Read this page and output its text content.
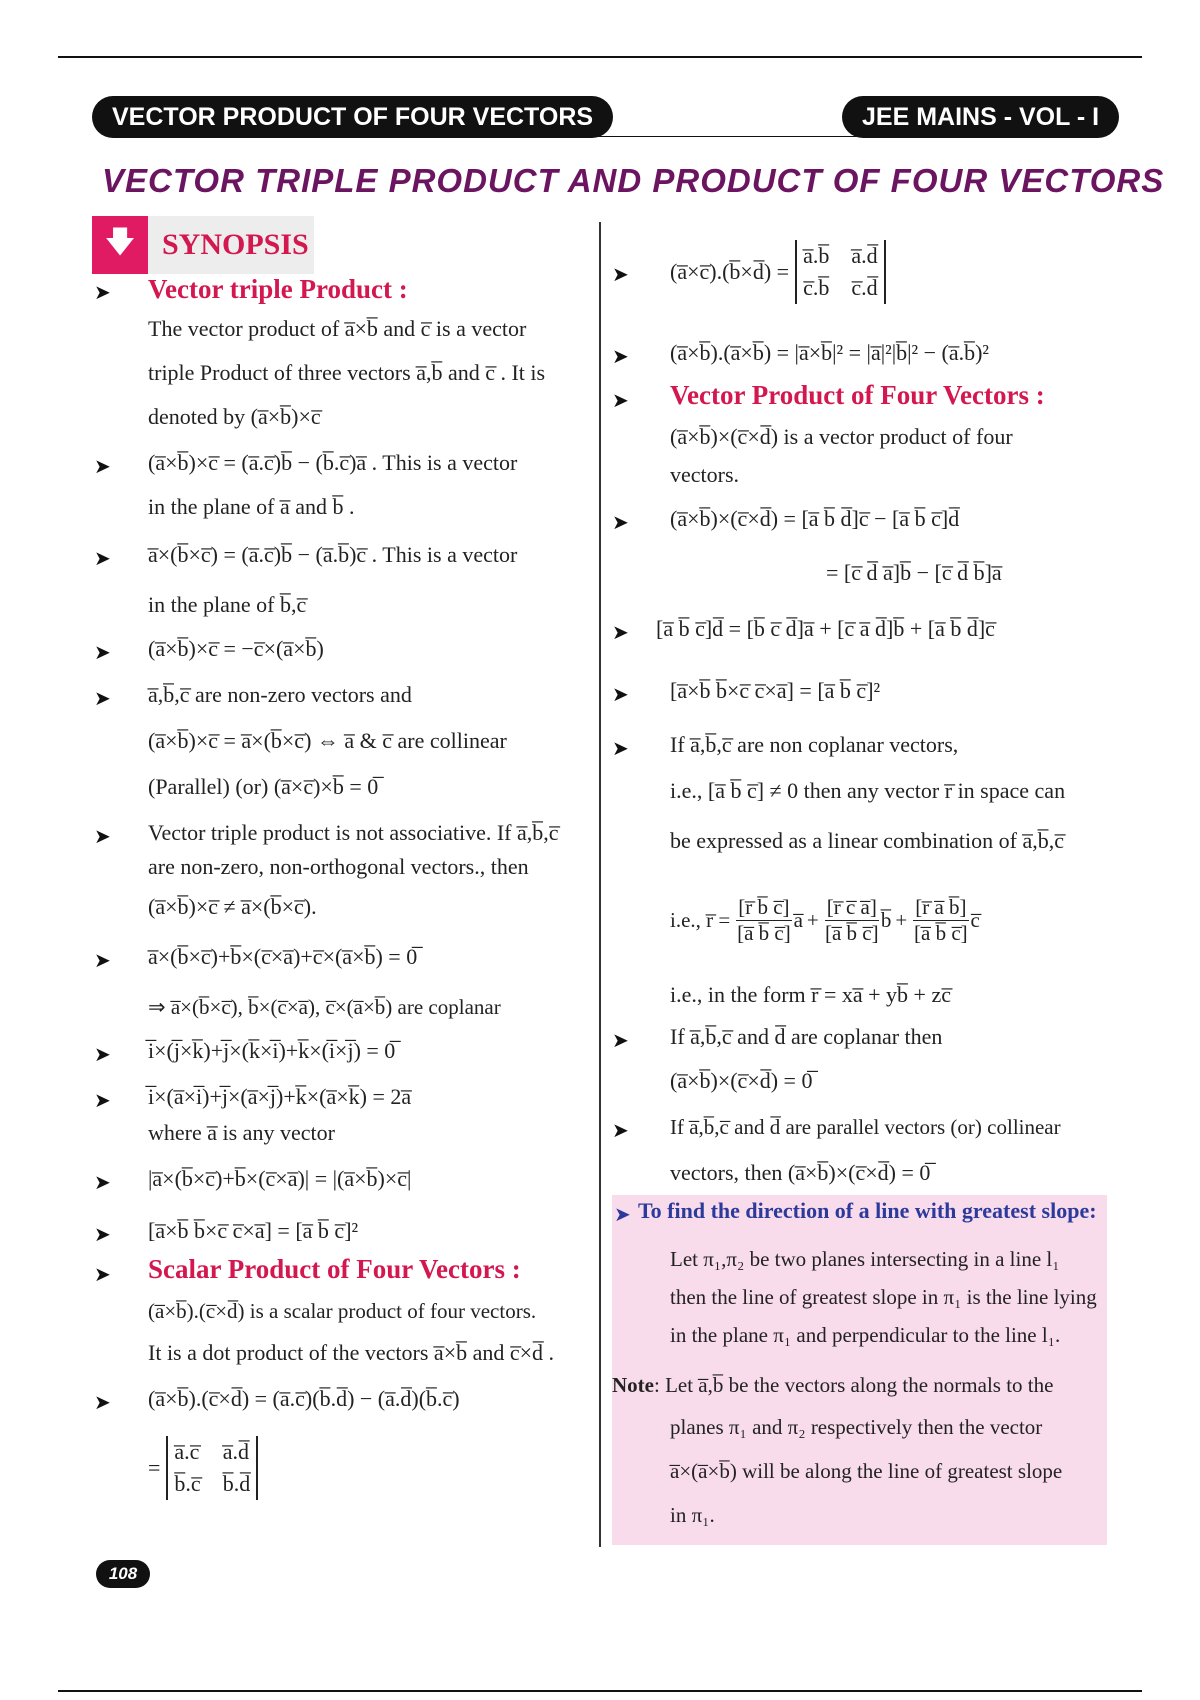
VECTOR PRODUCT OF FOUR VECTORS	JEE MAINS - VOL - I
VECTOR TRIPLE PRODUCT AND PRODUCT OF FOUR VECTORS
🡇 SYNOPSIS
➤ Vector triple Product :
The vector product of a̅×b̅ and c̅ is a vector
triple Product of three vectors a̅,b̅ and c̅ . It is
denoted by (a̅×b̅)×c̅
➤ (a̅×b̅)×c̅ = (a̅.c̅)b̅ − (b̅.c̅)a̅ . This is a vector
in the plane of a̅ and b̅ .
➤ a̅×(b̅×c̅) = (a̅.c̅)b̅ − (a̅.b̅)c̅ . This is a vector
in the plane of b̅,c̅
➤ (a̅×b̅)×c̅ = −c̅×(a̅×b̅)
➤ a̅,b̅,c̅ are non-zero vectors and
(a̅×b̅)×c̅ = a̅×(b̅×c̅) ⇔ a̅ & c̅ are collinear
(Parallel) (or) (a̅×c̅)×b̅ = 0̅
➤ Vector triple product is not associative. If a̅,b̅,c̅
are non-zero, non-orthogonal vectors., then
(a̅×b̅)×c̅ ≠ a̅×(b̅×c̅).
➤ a̅×(b̅×c̅)+b̅×(c̅×a̅)+c̅×(a̅×b̅) = 0̅
⇒ a̅×(b̅×c̅), b̅×(c̅×a̅), c̅×(a̅×b̅) are coplanar
➤ i̅×(j̅×k̅)+j̅×(k̅×i̅)+k̅×(i̅×j̅) = 0̅
➤ i̅×(a̅×i̅)+j̅×(a̅×j̅)+k̅×(a̅×k̅) = 2a̅
where a̅ is any vector
➤ |a̅×(b̅×c̅)+b̅×(c̅×a̅)| = |(a̅×b̅)×c̅|
➤ [a̅×b̅ b̅×c̅ c̅×a̅] = [a̅ b̅ c̅]²
➤ Scalar Product of Four Vectors :
(a̅×b̅).(c̅×d̅) is a scalar product of four vectors.
It is a dot product of the vectors a̅×b̅ and c̅×d̅ .
➤ (a̅×b̅).(c̅×d̅) = (a̅.c̅)(b̅.d̅) − (a̅.d̅)(b̅.c̅)
=
a̅.c̅ a̅.d̅
b̅.c̅ b̅.d̅
➤ (a̅×c̅).(b̅×d̅) =
a̅.b̅ a̅.d̅
c̅.b̅ c̅.d̅
➤ (a̅×b̅).(a̅×b̅) = |a̅×b̅|² = |a̅|²|b̅|² − (a̅.b̅)²
➤ Vector Product of Four Vectors :
(a̅×b̅)×(c̅×d̅) is a vector product of four
vectors.
➤ (a̅×b̅)×(c̅×d̅) = [a̅ b̅ d̅]c̅ − [a̅ b̅ c̅]d̅
= [c̅ d̅ a̅]b̅ − [c̅ d̅ b̅]a̅
➤ [a̅ b̅ c̅]d̅ = [b̅ c̅ d̅]a̅ + [c̅ a̅ d̅]b̅ + [a̅ b̅ d̅]c̅
➤ [a̅×b̅ b̅×c̅ c̅×a̅] = [a̅ b̅ c̅]²
➤ If a̅,b̅,c̅ are non coplanar vectors,
i.e., [a̅ b̅ c̅] ≠ 0 then any vector r̅ in space can
be expressed as a linear combination of a̅,b̅,c̅
i.e., r̅ = $\frac{[r̅ b̅ c̅]}{[a̅ b̅ c̅]}$ a̅ + $\frac{[r̅ c̅ a̅]}{[a̅ b̅ c̅]}$ b̅ + $\frac{[r̅ a̅ b̅]}{[a̅ b̅ c̅]}$ c̅
i.e., in the form r̅ = xa̅ + yb̅ + zc̅
➤ If a̅,b̅,c̅ and d̅ are coplanar then
(a̅×b̅)×(c̅×d̅) = 0̅
➤ If a̅,b̅,c̅ and d̅ are parallel vectors (or) collinear
vectors, then (a̅×b̅)×(c̅×d̅) = 0̅
➤ To find the direction of a line with greatest slope:
Let π₁,π₂ be two planes intersecting in a line l₁
then the line of greatest slope in π₁ is the line lying
in the plane π₁ and perpendicular to the line l₁.
Note: Let a̅,b̅ be the vectors along the normals to the
planes π₁ and π₂ respectively then the vector
a̅×(a̅×b̅) will be along the line of greatest slope
in π₁.
108
